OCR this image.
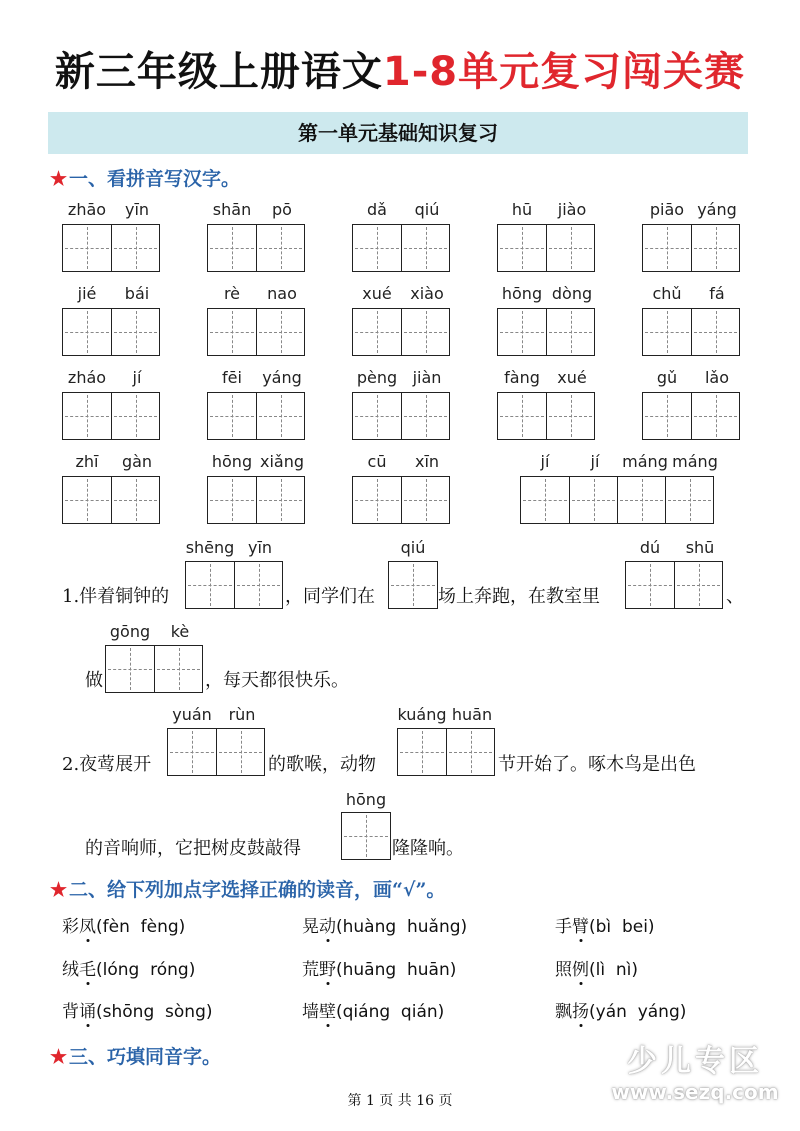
新三年级上册语文1-8单元复习闯关赛
第一单元基础知识复习
★ 一、看拼音写汉字。
zhāo yīn	shān pō	dǎ qiú	hū jiào	piāo yáng
jié bái	rè nao	xué xiào	hōng dòng	chǔ fá
zháo jí	fēi yáng	pèng jiàn	fàng xué	gǔ lǎo
zhī gàn	hōng xiǎng	cū xīn	jí	jí máng máng
shēng yīn	qiú	dú shū
1.伴着铜钟的	，同学们在	场上奔跑，在教室里	、
gōng kè
做	，每天都很快乐。
yuán rùn	kuáng huān
2.夜莺展开	的歌喉，动物	节开始了。啄木鸟是出色
hōng
的音响师，它把树皮鼓敲得	隆隆响。
★ 二、给下列加点字选择正确的读音，画“√”。
彩凤(fèn  fèng)	晃动(huàng  huǎng)	手臂(bì  bei)
绒毛(lóng  róng)	荒野(huāng  huān)	照例(lì  nì)
背诵(shōng  sòng)	墙壁(qiáng  qián)	飘扬(yán  yáng)
★ 三、巧填同音字。
第 1 页 共 16 页
少儿专区
www.sezq.com
